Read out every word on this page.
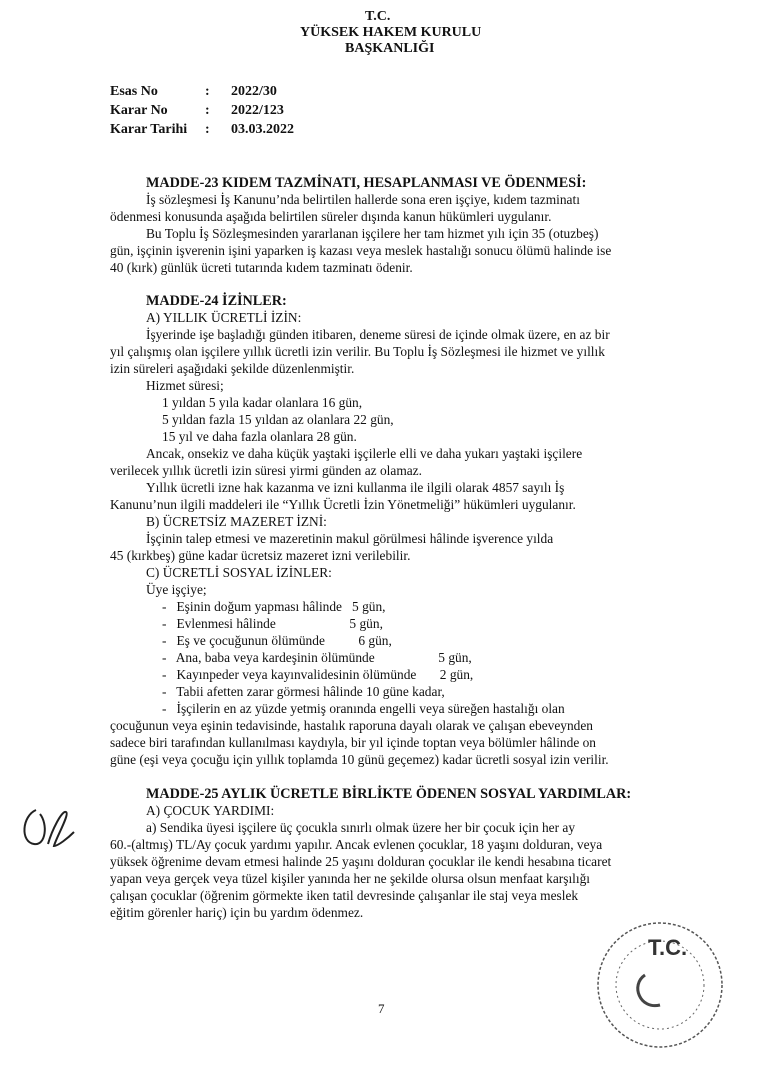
T.C.
YÜKSEK HAKEM KURULU
BAŞKANLIĞI
Esas No	:	2022/30
Karar No	:	2022/123
Karar Tarihi	:	03.03.2022
MADDE-23 KIDEM TAZMİNATI, HESAPLANMASI VE ÖDENMESİ:
İş sözleşmesi İş Kanunu’nda belirtilen hallerde sona eren işçiye, kıdem tazminatı
ödenmesi konusunda aşağıda belirtilen süreler dışında kanun hükümleri uygulanır.
Bu Toplu İş Sözleşmesinden yararlanan işçilere her tam hizmet yılı için 35 (otuzbeş)
gün, işçinin işverenin işini yaparken iş kazası veya meslek hastalığı sonucu ölümü halinde ise
40 (kırk) günlük ücreti tutarında kıdem tazminatı ödenir.
MADDE-24 İZİNLER:
A) YILLIK ÜCRETLİ İZİN:
İşyerinde işe başladığı günden itibaren, deneme süresi de içinde olmak üzere, en az bir
yıl çalışmış olan işçilere yıllık ücretli izin verilir. Bu Toplu İş Sözleşmesi ile hizmet ve yıllık
izin süreleri aşağıdaki şekilde düzenlenmiştir.
Hizmet süresi;
1 yıldan 5 yıla kadar olanlara 16 gün,
5 yıldan fazla 15 yıldan az olanlara 22 gün,
15 yıl ve daha fazla olanlara 28 gün.
Ancak, onsekiz ve daha küçük yaştaki işçilerle elli ve daha yukarı yaştaki işçilere
verilecek yıllık ücretli izin süresi yirmi günden az olamaz.
Yıllık ücretli izne hak kazanma ve izni kullanma ile ilgili olarak 4857 sayılı İş
Kanunu’nun ilgili maddeleri ile “Yıllık Ücretli İzin Yönetmeliği” hükümleri uygulanır.
B) ÜCRETSİZ MAZERET İZNİ:
İşçinin talep etmesi ve mazeretinin makul görülmesi hâlinde işverence yılda
45 (kırkbeş) güne kadar ücretsiz mazeret izni verilebilir.
C) ÜCRETLİ SOSYAL İZİNLER:
Üye işçiye;
-   Eşinin doğum yapması hâlinde   5 gün,
-   Evlenmesi hâlinde                      5 gün,
-   Eş ve çocuğunun ölümünde          6 gün,
-   Ana, baba veya kardeşinin ölümünde                   5 gün,
-   Kayınpeder veya kayınvalidesinin ölümünde       2 gün,
-   Tabii afetten zarar görmesi hâlinde 10 güne kadar,
-   İşçilerin en az yüzde yetmiş oranında engelli veya süreğen hastalığı olan
çocuğunun veya eşinin tedavisinde, hastalık raporuna dayalı olarak ve çalışan ebeveynden
sadece biri tarafından kullanılması kaydıyla, bir yıl içinde toptan veya bölümler hâlinde on
güne (eşi veya çocuğu için yıllık toplamda 10 günü geçemez) kadar ücretli sosyal izin verilir.
MADDE-25 AYLIK ÜCRETLE BİRLİKTE ÖDENEN SOSYAL YARDIMLAR:
A) ÇOCUK YARDIMI:
a) Sendika üyesi işçilere üç çocukla sınırlı olmak üzere her bir çocuk için her ay
60.-(altmış) TL/Ay çocuk yardımı yapılır. Ancak evlenen çocuklar, 18 yaşını dolduran, veya
yüksek öğrenime devam etmesi halinde 25 yaşını dolduran çocuklar ile kendi hesabına ticaret
yapan veya gerçek veya tüzel kişiler yanında her ne şekilde olursa olsun menfaat karşılığı
çalışan çocuklar (öğrenim görmekte iken tatil devresinde çalışanlar ile staj veya meslek
eğitim görenler hariç) için bu yardım ödenmez.
7
T.C.
